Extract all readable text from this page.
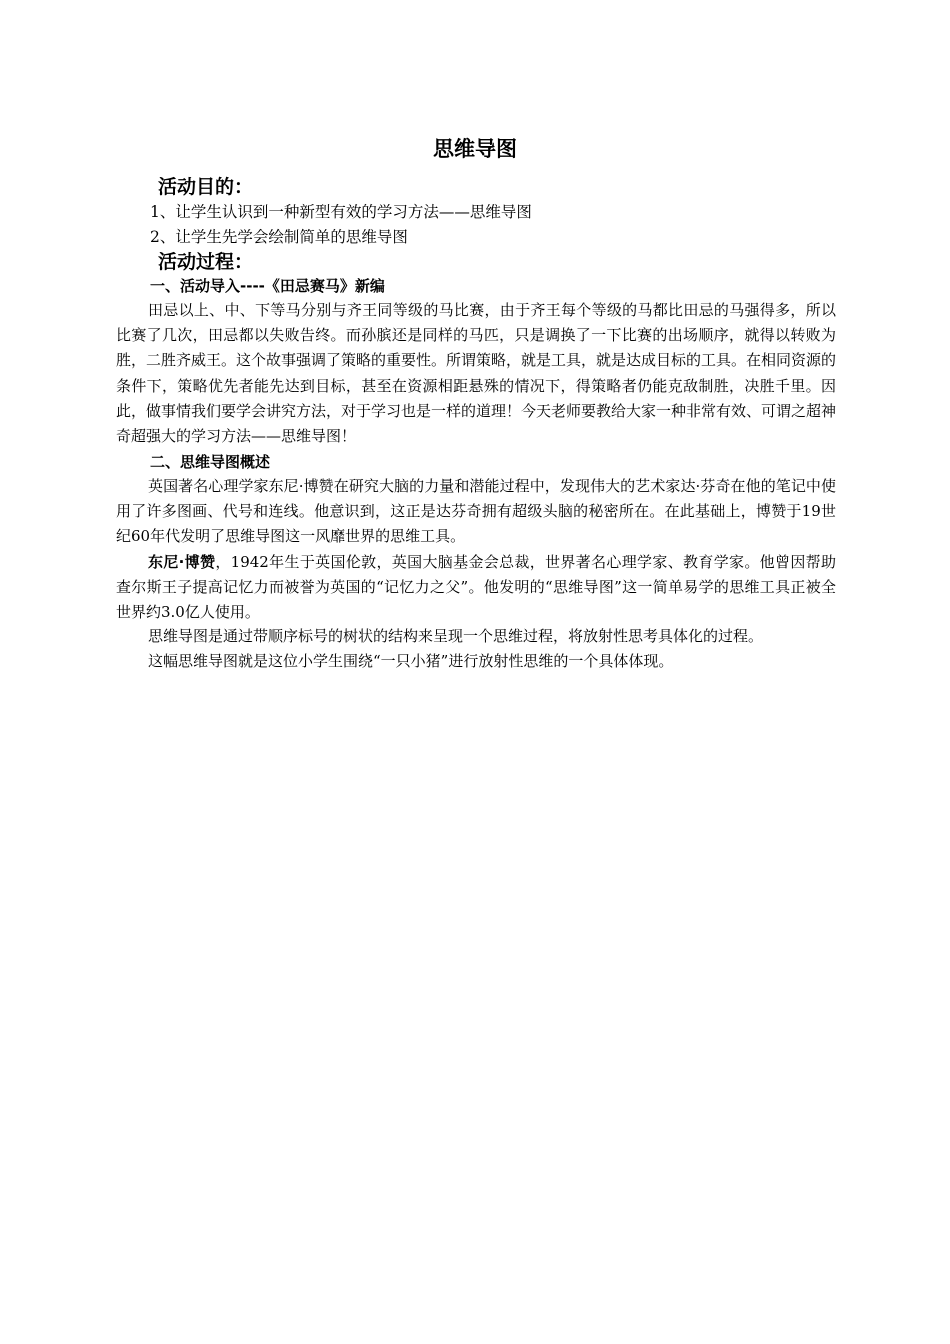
思维导图
活动目的：
1、让学生认识到一种新型有效的学习方法——思维导图
2、让学生先学会绘制简单的思维导图
活动过程：
一、活动导入----《田忌赛马》新编

田忌以上、中、下等马分别与齐王同等级的马比赛，由于齐王每个等级的马都比田忌的马强得多，所以比赛了几次，田忌都以失败告终。而孙膑还是同样的马匹，只是调换了一下比赛的出场顺序，就得以转败为胜，二胜齐威王。这个故事强调了策略的重要性。所谓策略，就是工具，就是达成目标的工具。在相同资源的条件下，策略优先者能先达到目标，甚至在资源相距悬殊的情况下，得策略者仍能克敌制胜，决胜千里。因此，做事情我们要学会讲究方法，对于学习也是一样的道理！今天老师要教给大家一种非常有效、可谓之超神奇超强大的学习方法——思维导图！

二、思维导图概述

英国著名心理学家东尼·博赞在研究大脑的力量和潜能过程中，发现伟大的艺术家达·芬奇在他的笔记中使用了许多图画、代号和连线。他意识到，这正是达芬奇拥有超级头脑的秘密所在。在此基础上，博赞于19世纪60年代发明了思维导图这一风靡世界的思维工具。

东尼·博赞，1942年生于英国伦敦，英国大脑基金会总裁，世界著名心理学家、教育学家。他曾因帮助查尔斯王子提高记忆力而被誉为英国的“记忆力之父”。他发明的“思维导图”这一简单易学的思维工具正被全世界约3.0亿人使用。

思维导图是通过带顺序标号的树状的结构来呈现一个思维过程，将放射性思考具体化的过程。

这幅思维导图就是这位小学生围绕“一只小猪”进行放射性思维的一个具体体现。
